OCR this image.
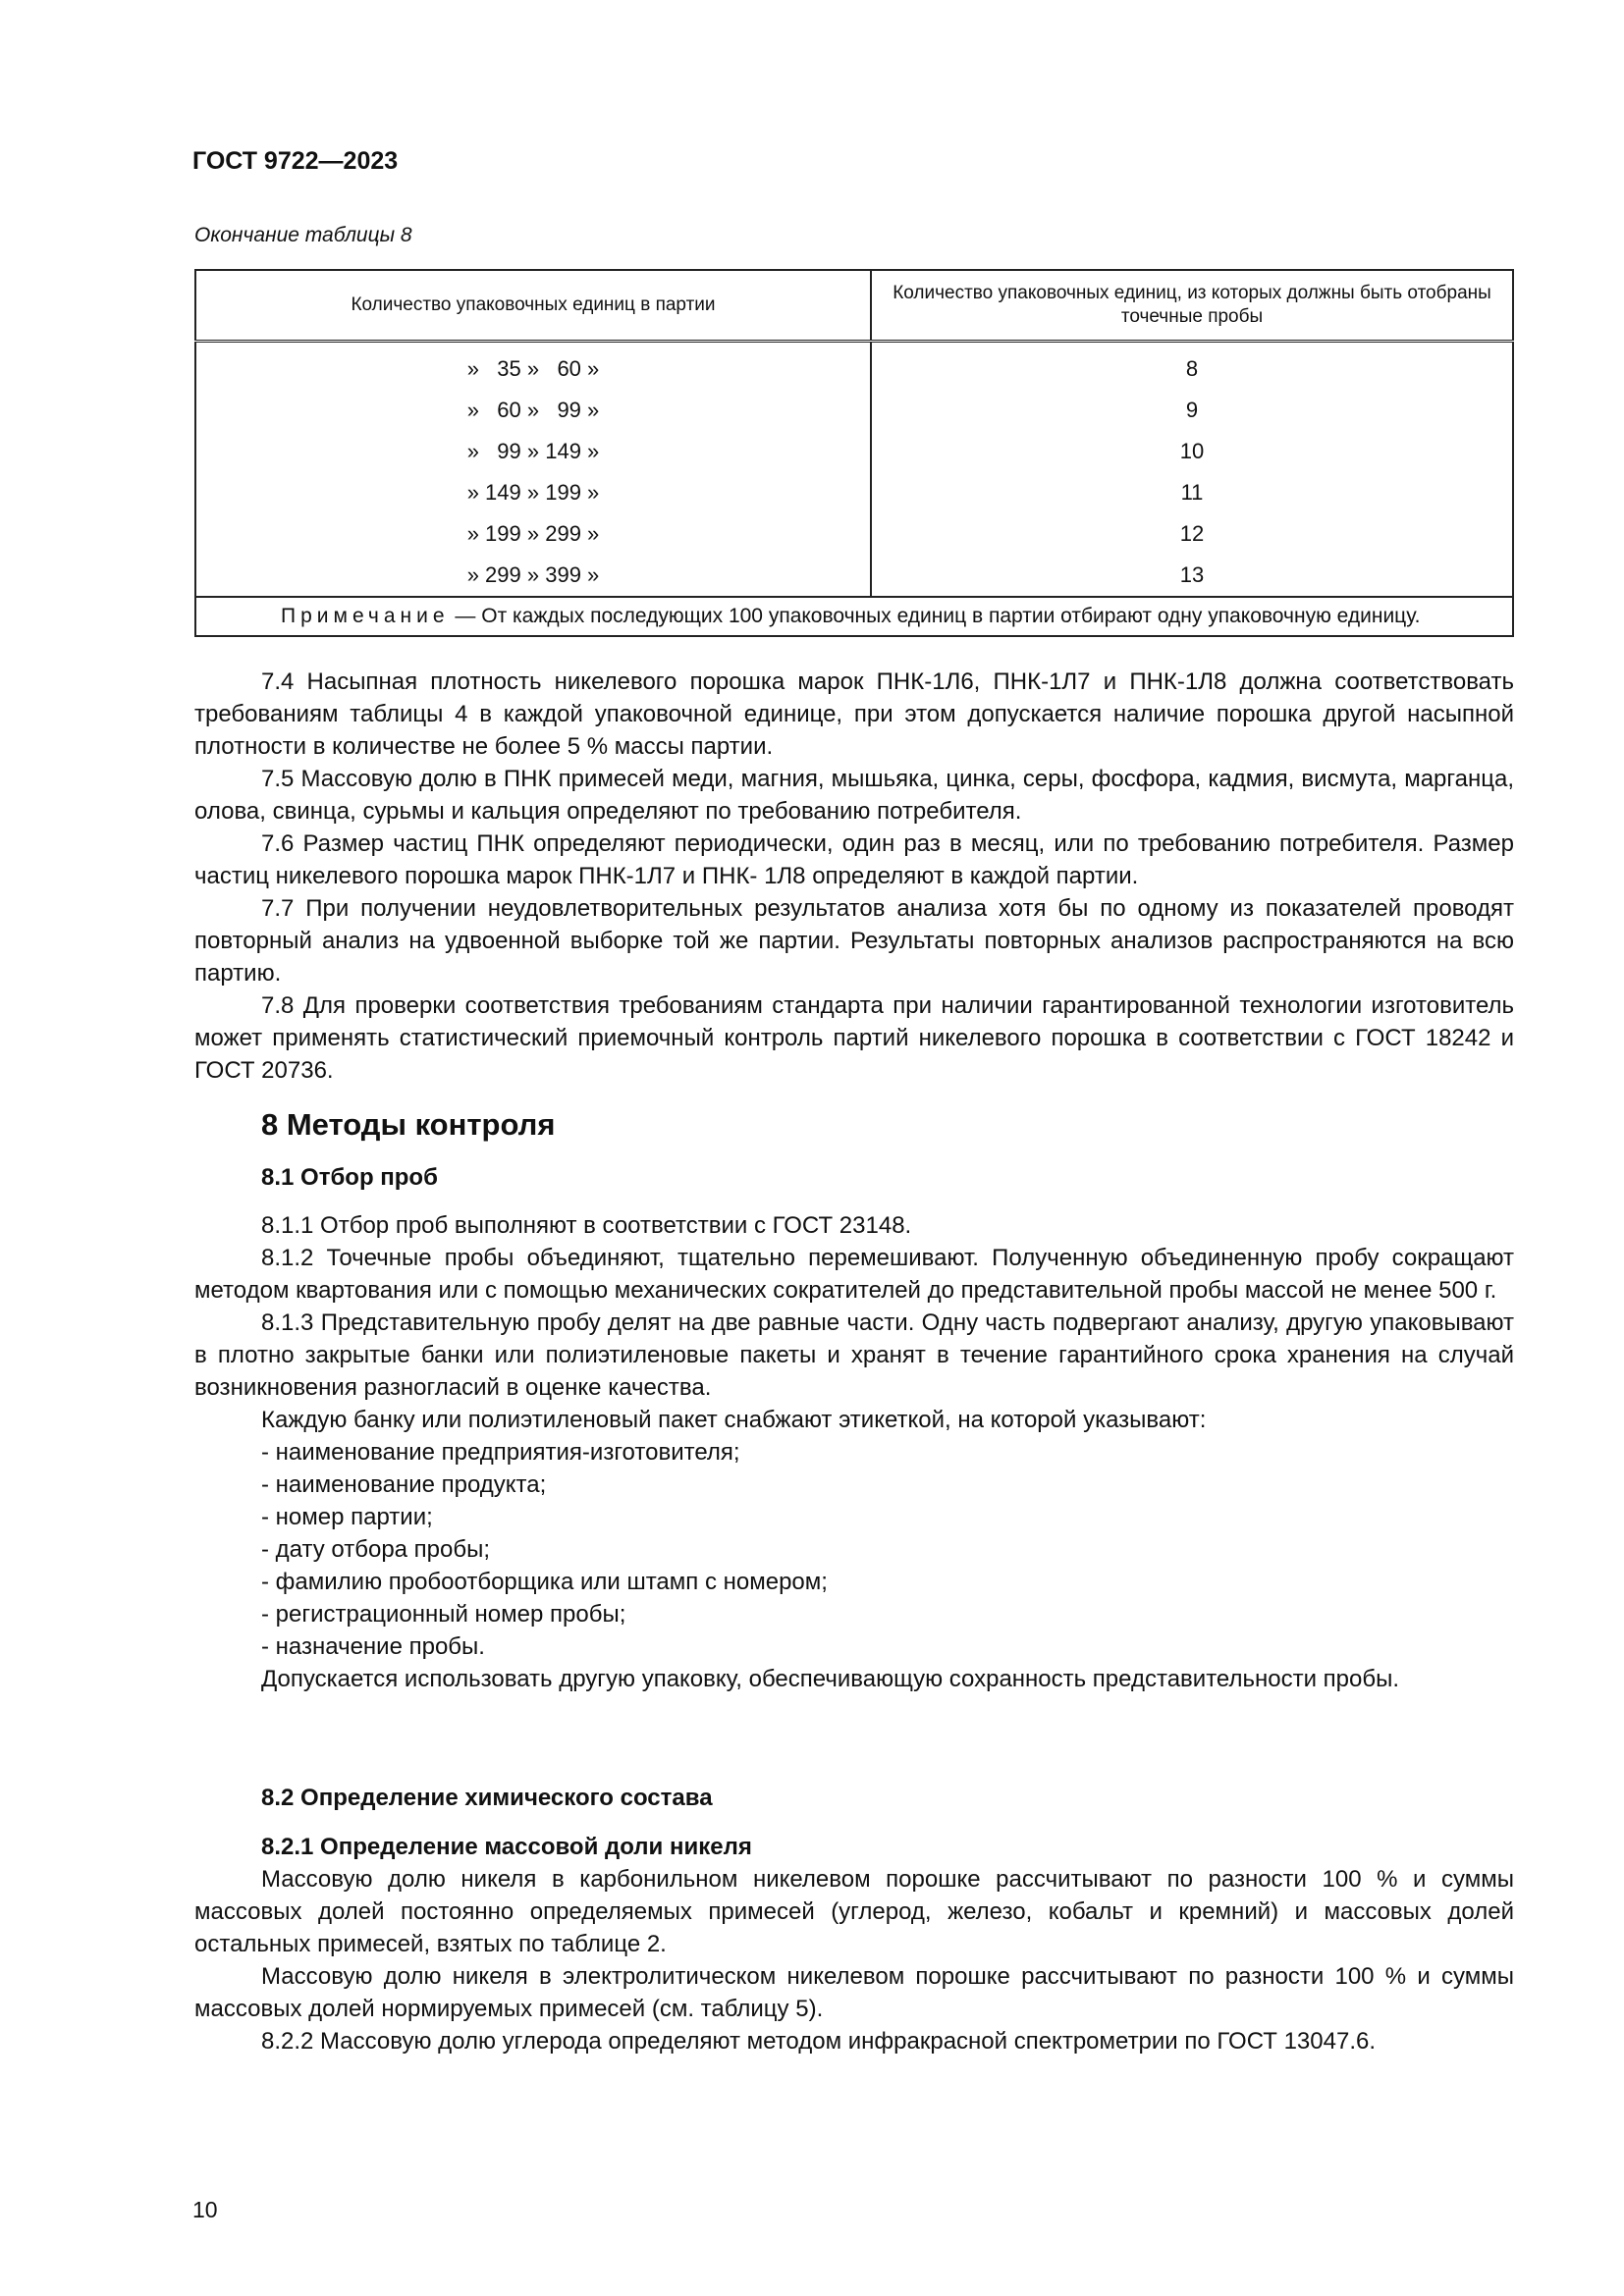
ГОСТ 9722—2023
Окончание таблицы 8
Количество упаковочных единиц в партии	Количество упаковочных единиц, из которых должны быть отобраны точечные пробы
»   35 »   60 »	8
»   60 »   99 »	9
»   99 » 149 »	10
» 149 » 199 »	11
» 199 » 299 »	12
» 299 » 399 »	13
Примечание — От каждых последующих 100 упаковочных единиц в партии отбирают одну упаковочную единицу.	

7.4 Насыпная плотность никелевого порошка марок ПНК-1Л6, ПНК-1Л7 и ПНК-1Л8 должна соответствовать требованиям таблицы 4 в каждой упаковочной единице, при этом допускается наличие порошка другой насыпной плотности в количестве не более 5 % массы партии.

7.5 Массовую долю в ПНК примесей меди, магния, мышьяка, цинка, серы, фосфора, кадмия, висмута, марганца, олова, свинца, сурьмы и кальция определяют по требованию потребителя.

7.6 Размер частиц ПНК определяют периодически, один раз в месяц, или по требованию потребителя. Размер частиц никелевого порошка марок ПНК-1Л7 и ПНК- 1Л8 определяют в каждой партии.

7.7 При получении неудовлетворительных результатов анализа хотя бы по одному из показателей проводят повторный анализ на удвоенной выборке той же партии. Результаты повторных анализов распространяются на всю партию.

7.8 Для проверки соответствия требованиям стандарта при наличии гарантированной технологии изготовитель может применять статистический приемочный контроль партий никелевого порошка в соответствии с ГОСТ 18242 и ГОСТ 20736.

8 Методы контроля
8.1 Отбор проб

8.1.1 Отбор проб выполняют в соответствии с ГОСТ 23148.

8.1.2 Точечные пробы объединяют, тщательно перемешивают. Полученную объединенную пробу сокращают методом квартования или с помощью механических сократителей до представительной пробы массой не менее 500 г.

8.1.3 Представительную пробу делят на две равные части. Одну часть подвергают анализу, другую упаковывают в плотно закрытые банки или полиэтиленовые пакеты и хранят в течение гарантийного срока хранения на случай возникновения разногласий в оценке качества.

Каждую банку или полиэтиленовый пакет снабжают этикеткой, на которой указывают:

- наименование предприятия-изготовителя;

- наименование продукта;

- номер партии;

- дату отбора пробы;

- фамилию пробоотборщика или штамп с номером;

- регистрационный номер пробы;

- назначение пробы.

Допускается использовать другую упаковку, обеспечивающую сохранность представительности пробы.

8.2 Определение химического состава
8.2.1 Определение массовой доли никеля

Массовую долю никеля в карбонильном никелевом порошке рассчитывают по разности 100 % и суммы массовых долей постоянно определяемых примесей (углерод, железо, кобальт и кремний) и массовых долей остальных примесей, взятых по таблице 2.

Массовую долю никеля в электролитическом никелевом порошке рассчитывают по разности 100 % и суммы массовых долей нормируемых примесей (см. таблицу 5).

8.2.2 Массовую долю углерода определяют методом инфракрасной спектрометрии по ГОСТ 13047.6.

10
